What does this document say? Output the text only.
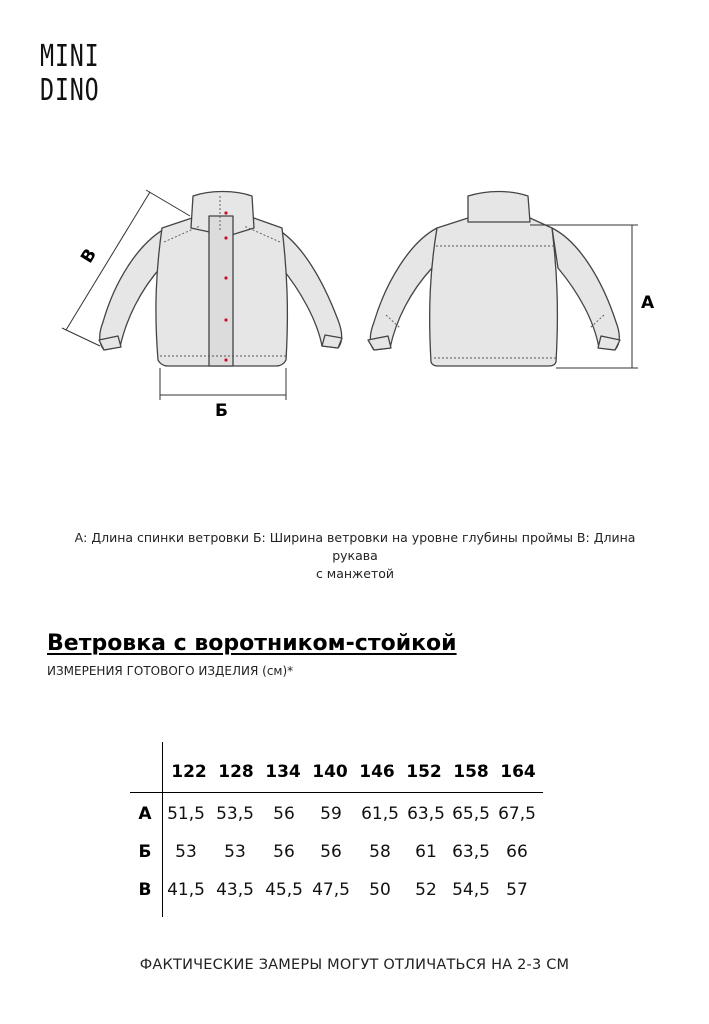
MINI
DINO
В
Б
А
А: Длина спинки ветровки Б: Ширина ветровки на уровне глубины проймы В: Длина рукава
с манжетой
Ветровка с воротником-стойкой
ИЗМЕРЕНИЯ ГОТОВОГО ИЗДЕЛИЯ (см)*
122 128 134 140 146 152 158 164
А 51,5 53,5	56	59	61,5 63,5 65,5 67,5
Б	53	53	56	56	58	61 63,5 66
В 41,5 43,5 45,5 47,5	50	52 54,5 57
ФАКТИЧЕСКИЕ ЗАМЕРЫ МОГУТ ОТЛИЧАТЬСЯ НА 2-3 СМ
